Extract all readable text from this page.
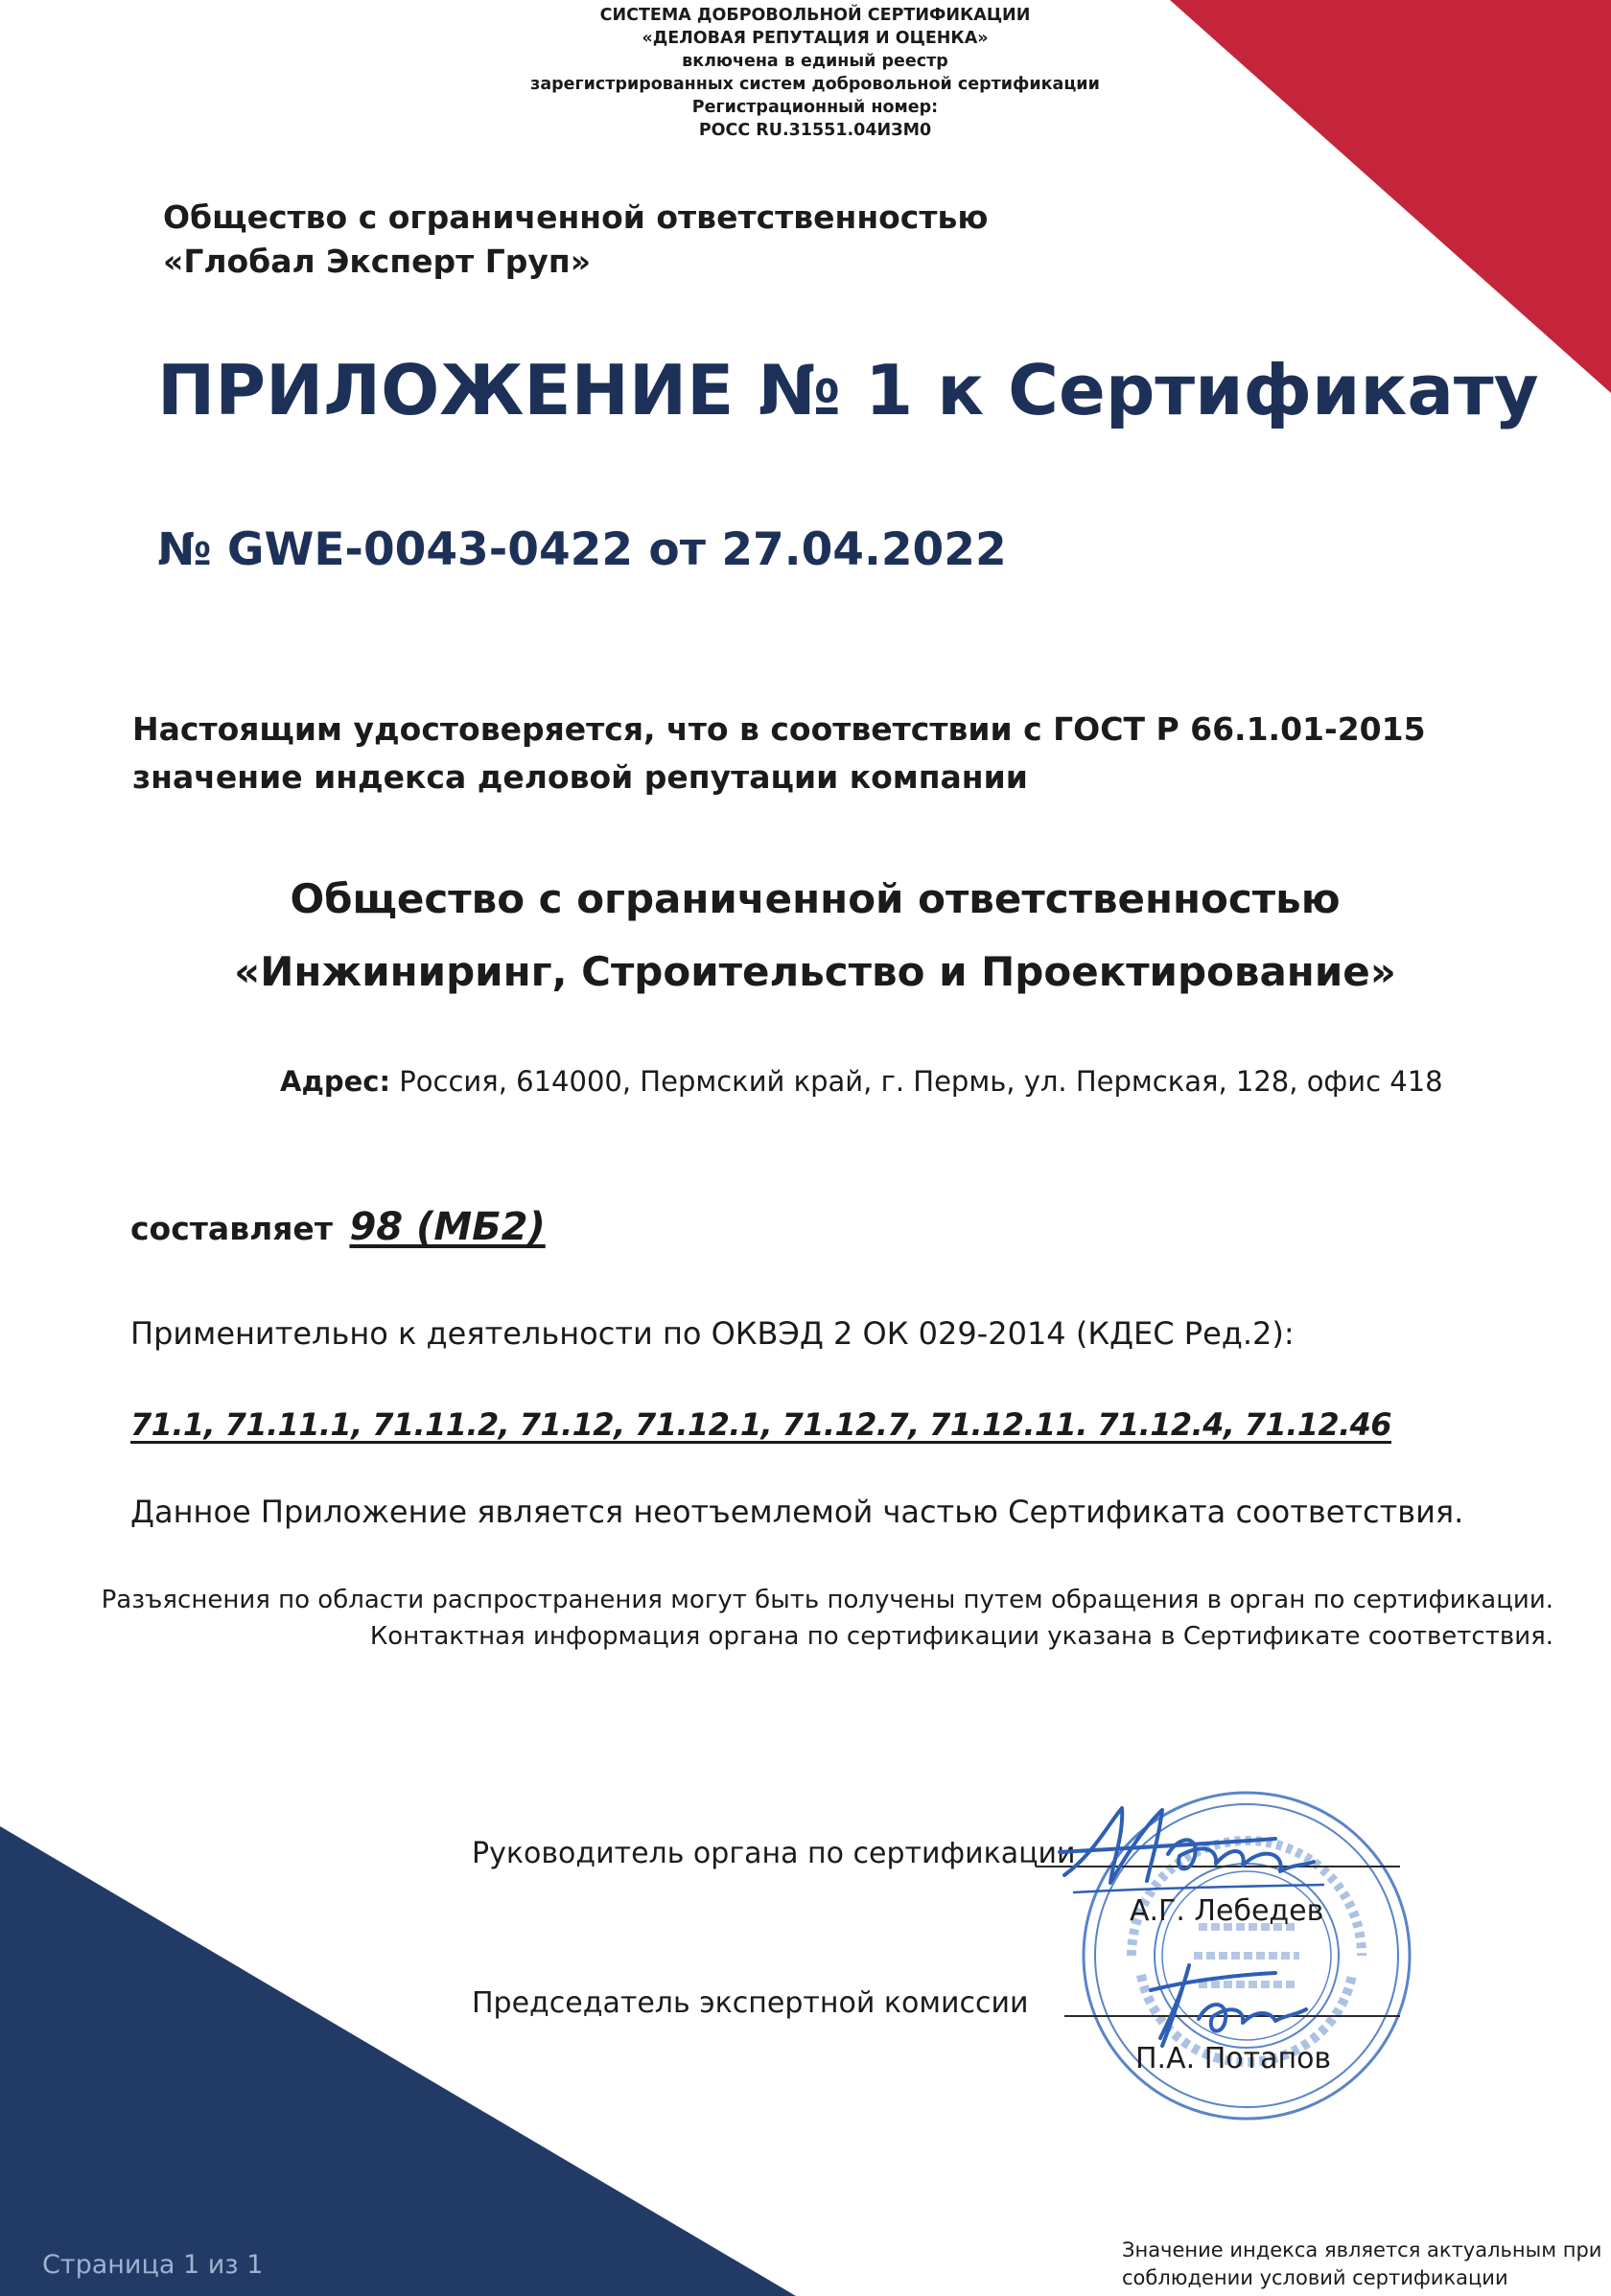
СИСТЕМА ДОБРОВОЛЬНОЙ СЕРТИФИКАЦИИ
«ДЕЛОВАЯ РЕПУТАЦИЯ И ОЦЕНКА»
включена в единый реестр
зарегистрированных систем добровольной сертификации
Регистрационный номер:
РОСС RU.31551.04ИЗМ0
Общество с ограниченной ответственностью
«Глобал Эксперт Груп»
ПРИЛОЖЕНИЕ № 1 к Сертификату
№ GWE-0043-0422 от 27.04.2022
Настоящим удостоверяется, что в соответствии с ГОСТ Р 66.1.01-2015
значение индекса деловой репутации компании
Общество с ограниченной ответственностью
«Инжиниринг, Строительство и Проектирование»
Адрес: Россия, 614000, Пермский край, г. Пермь, ул. Пермская, 128, офис 418
составляет 98 (МБ2)
Применительно к деятельности по ОКВЭД 2 ОК 029-2014 (КДЕС Ред.2):
71.1, 71.11.1, 71.11.2, 71.12, 71.12.1, 71.12.7, 71.12.11. 71.12.4, 71.12.46
Данное Приложение является неотъемлемой частью Сертификата соответствия.
Разъяснения по области распространения могут быть получены путем обращения в орган по сертификации.
Контактная информация органа по сертификации указана в Сертификате соответствия.
Руководитель органа по сертификации
А.Г. Лебедев
Председатель экспертной комиссии
П.А. Потапов
Страница 1 из 1	Значение индекса является актуальным при
соблюдении условий сертификации
